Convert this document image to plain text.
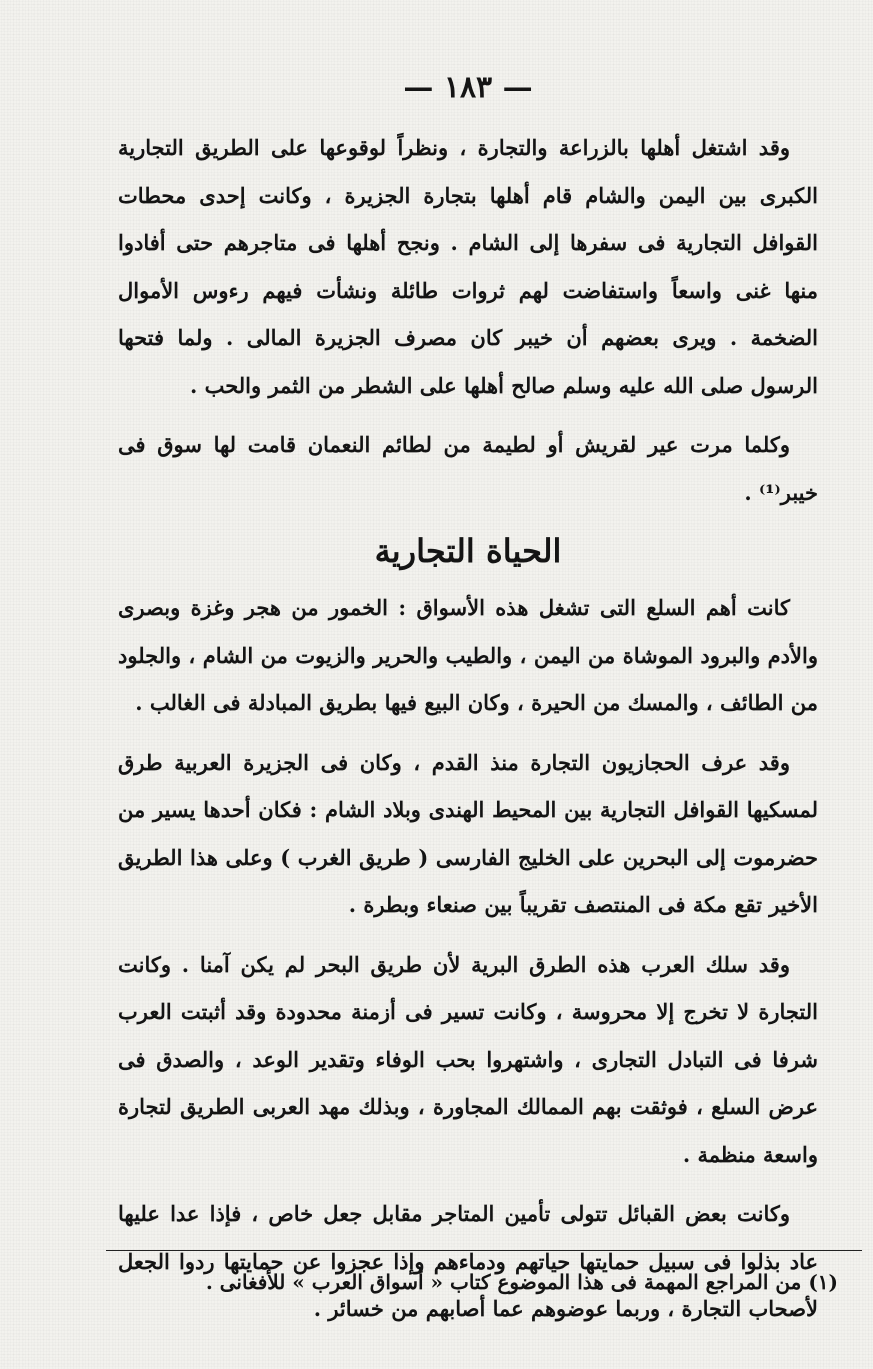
— ١٨٣ —

وقد اشتغل أهلها بالزراعة والتجارة ، ونظراً لوقوعها على الطريق التجارية الكبرى بين اليمن والشام قام أهلها بتجارة الجزيرة ، وكانت إحدى محطات القوافل التجارية فى سفرها إلى الشام . ونجح أهلها فى متاجرهم حتى أفادوا منها غنى واسعاً واستفاضت لهم ثروات طائلة ونشأت فيهم رءوس الأموال الضخمة . ويرى بعضهم أن خيبر كان مصرف الجزيرة المالى . ولما فتحها الرسول صلى الله عليه وسلم صالح أهلها على الشطر من الثمر والحب .

وكلما مرت عير لقريش أو لطيمة من لطائم النعمان قامت لها سوق فى خيبر⁽¹⁾ .

الحياة التجارية

كانت أهم السلع التى تشغل هذه الأسواق : الخمور من هجر وغزة وبصرى والأدم والبرود الموشاة من اليمن ، والطيب والحرير والزيوت من الشام ، والجلود من الطائف ، والمسك من الحيرة ، وكان البيع فيها بطريق المبادلة فى الغالب .

وقد عرف الحجازيون التجارة منذ القدم ، وكان فى الجزيرة العربية طرق لمسكيها القوافل التجارية بين المحيط الهندى وبلاد الشام : فكان أحدها يسير من حضرموت إلى البحرين على الخليج الفارسى ( طريق الغرب ) وعلى هذا الطريق الأخير تقع مكة فى المنتصف تقريباً بين صنعاء وبطرة .

وقد سلك العرب هذه الطرق البرية لأن طريق البحر لم يكن آمنا . وكانت التجارة لا تخرج إلا محروسة ، وكانت تسير فى أزمنة محدودة وقد أثبتت العرب شرفا فى التبادل التجارى ، واشتهروا بحب الوفاء وتقدير الوعد ، والصدق فى عرض السلع ، فوثقت بهم الممالك المجاورة ، وبذلك مهد العربى الطريق لتجارة واسعة منظمة .

وكانت بعض القبائل تتولى تأمين المتاجر مقابل جعل خاص ، فإذا عدا عليها عاد بذلوا فى سبيل حمايتها حياتهم ودماءهم وإذا عجزوا عن حمايتها ردوا الجعل لأصحاب التجارة ، وربما عوضوهم عما أصابهم من خسائر .

(١) من المراجع المهمة فى هذا الموضوع كتاب « أسواق العرب » للأفغانى .
